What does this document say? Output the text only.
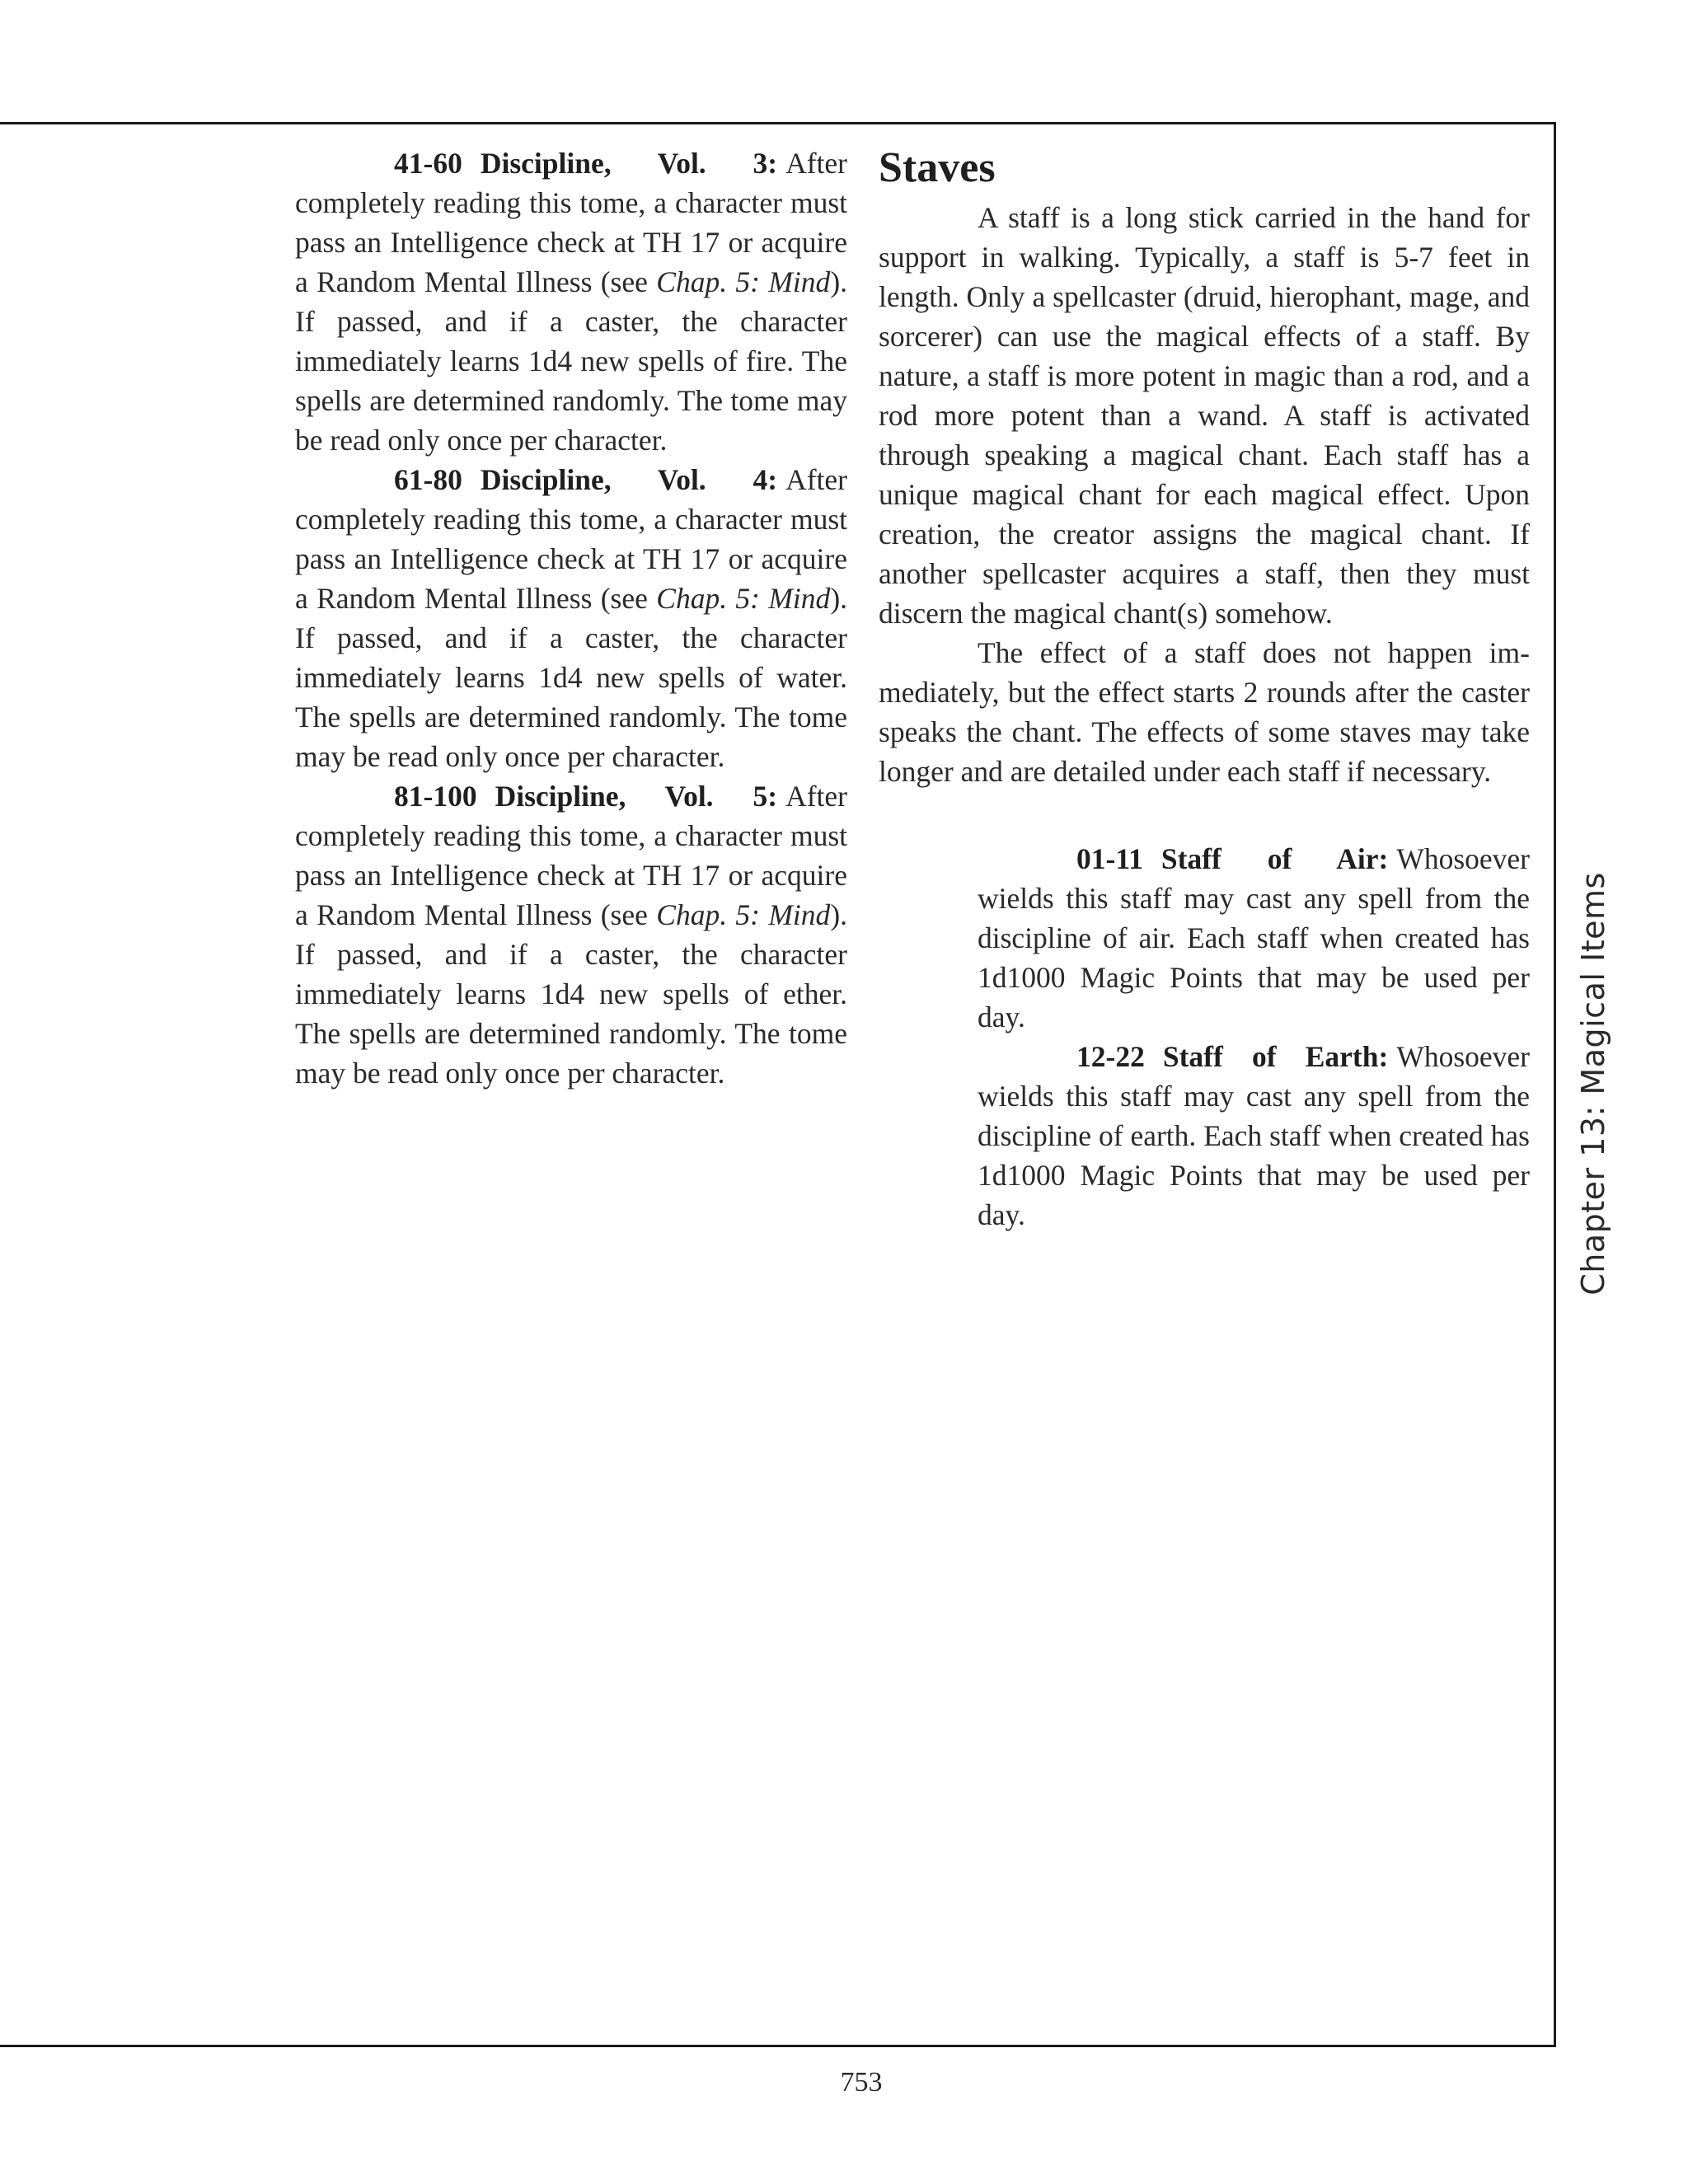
41-60 Discipline, Vol. 3: After completely reading this tome, a character must pass an Intelligence check at TH 17 or acquire a Random Mental Illness (see Chap. 5: Mind). If passed, and if a caster, the character immediately learns 1d4 new spells of fire. The spells are determined randomly. The tome may be read only once per character.

61-80 Discipline, Vol. 4: After completely reading this tome, a character must pass an Intelligence check at TH 17 or acquire a Random Mental Illness (see Chap. 5: Mind). If passed, and if a caster, the character immediately learns 1d4 new spells of water. The spells are determined randomly. The tome may be read only once per character.

81-100 Discipline, Vol. 5: After completely reading this tome, a character must pass an Intelligence check at TH 17 or acquire a Random Mental Illness (see Chap. 5: Mind). If passed, and if a caster, the character immediately learns 1d4 new spells of ether. The spells are determined randomly. The tome may be read only once per character.

Staves

A staff is a long stick carried in the hand for support in walking. Typically, a staff is 5-7 feet in length. Only a spellcaster (druid, hierophant, mage, and sorcerer) can use the magical effects of a staff. By nature, a staff is more potent in magic than a rod, and a rod more potent than a wand. A staff is activated through speaking a magical chant. Each staff has a unique magical chant for each magical effect. Upon creation, the creator assigns the magical chant. If another spellcaster acquires a staff, then they must discern the magical chant(s) somehow.

The effect of a staff does not happen immediately, but the effect starts 2 rounds after the caster speaks the chant. The effects of some staves may take longer and are detailed under each staff if necessary.

01-11 Staff of Air: Whosoever wields this staff may cast any spell from the discipline of air. Each staff when created has 1d1000 Magic Points that may be used per day.

12-22 Staff of Earth: Whosoever wields this staff may cast any spell from the discipline of earth. Each staff when created has 1d1000 Magic Points that may be used per day.	Chapter 13: Magical Items
753
